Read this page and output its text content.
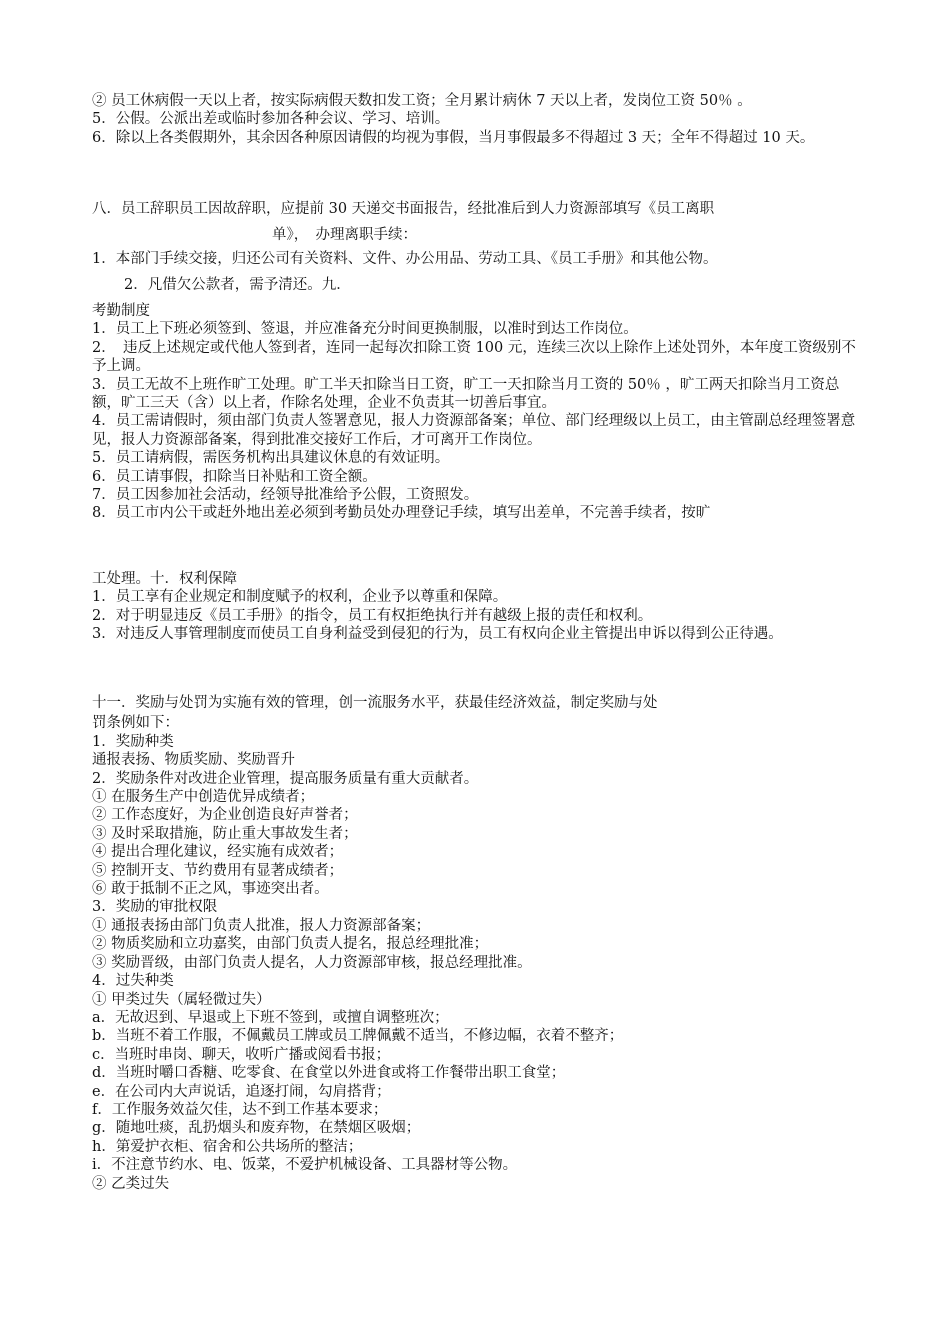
② 员工休病假一天以上者，按实际病假天数扣发工资；全月累计病休 7 天以上者，发岗位工资 50％ 。

5．公假。公派出差或临时参加各种会议、学习、培训。

6．除以上各类假期外，其余因各种原因请假的均视为事假，当月事假最多不得超过 3 天；全年不得超过 10 天。

八．员工辞职员工因故辞职，应提前 30 天递交书面报告，经批准后到人力资源部填写《员工离职

单》，　办理离职手续：

1．本部门手续交接，归还公司有关资料、文件、办公用品、劳动工具、《员工手册》和其他公物。

2．凡借欠公款者，需予清还。九．

考勤制度

1．员工上下班必须签到、签退，并应准备充分时间更换制服，以准时到达工作岗位。

2．　违反上述规定或代他人签到者，连同一起每次扣除工资 100 元，连续三次以上除作上述处罚外，本年度工资级别不予上调。

3．员工无故不上班作旷工处理。旷工半天扣除当日工资，旷工一天扣除当月工资的 50％ ，旷工两天扣除当月工资总额，旷工三天（含）以上者，作除名处理，企业不负责其一切善后事宜。

4．员工需请假时，须由部门负责人签署意见，报人力资源部备案；单位、部门经理级以上员工，由主管副总经理签署意见，报人力资源部备案，得到批准交接好工作后，才可离开工作岗位。

5．员工请病假，需医务机构出具建议休息的有效证明。

6．员工请事假，扣除当日补贴和工资全额。

7．员工因参加社会活动，经领导批准给予公假，工资照发。

8．员工市内公干或赶外地出差必须到考勤员处办理登记手续，填写出差单，不完善手续者，按旷

工处理。十．权利保障

1．员工享有企业规定和制度赋予的权利，企业予以尊重和保障。

2．对于明显违反《员工手册》的指令，员工有权拒绝执行并有越级上报的责任和权利。

3．对违反人事管理制度而使员工自身利益受到侵犯的行为，员工有权向企业主管提出申诉以得到公正待遇。

十一．奖励与处罚为实施有效的管理，创一流服务水平，获最佳经济效益，制定奖励与处

罚条例如下：

1．奖励种类

通报表扬、物质奖励、奖励晋升

2．奖励条件对改进企业管理，提高服务质量有重大贡献者。

① 在服务生产中创造优异成绩者；

② 工作态度好，为企业创造良好声誉者；

③ 及时采取措施，防止重大事故发生者；

④ 提出合理化建议，经实施有成效者；

⑤ 控制开支、节约费用有显著成绩者；

⑥ 敢于抵制不正之风，事迹突出者。

3．奖励的审批权限

① 通报表扬由部门负责人批准，报人力资源部备案；

② 物质奖励和立功嘉奖，由部门负责人提名，报总经理批准；

③ 奖励晋级，由部门负责人提名，人力资源部审核，报总经理批准。

4．过失种类

① 甲类过失（属轻微过失）

a．无故迟到、早退或上下班不签到，或擅自调整班次；

b．当班不着工作服，不佩戴员工牌或员工牌佩戴不适当，不修边幅，衣着不整齐；

c．当班时串岗、聊天，收听广播或阅看书报；

d．当班时嚼口香糖、吃零食、在食堂以外进食或将工作餐带出职工食堂；

e．在公司内大声说话，追逐打闹，勾肩搭背；

f．工作服务效益欠佳，达不到工作基本要求；

g．随地吐痰，乱扔烟头和废弃物，在禁烟区吸烟；

h．第爱护衣柜、宿舍和公共场所的整洁；

i．不注意节约水、电、饭菜，不爱护机械设备、工具器材等公物。

② 乙类过失
